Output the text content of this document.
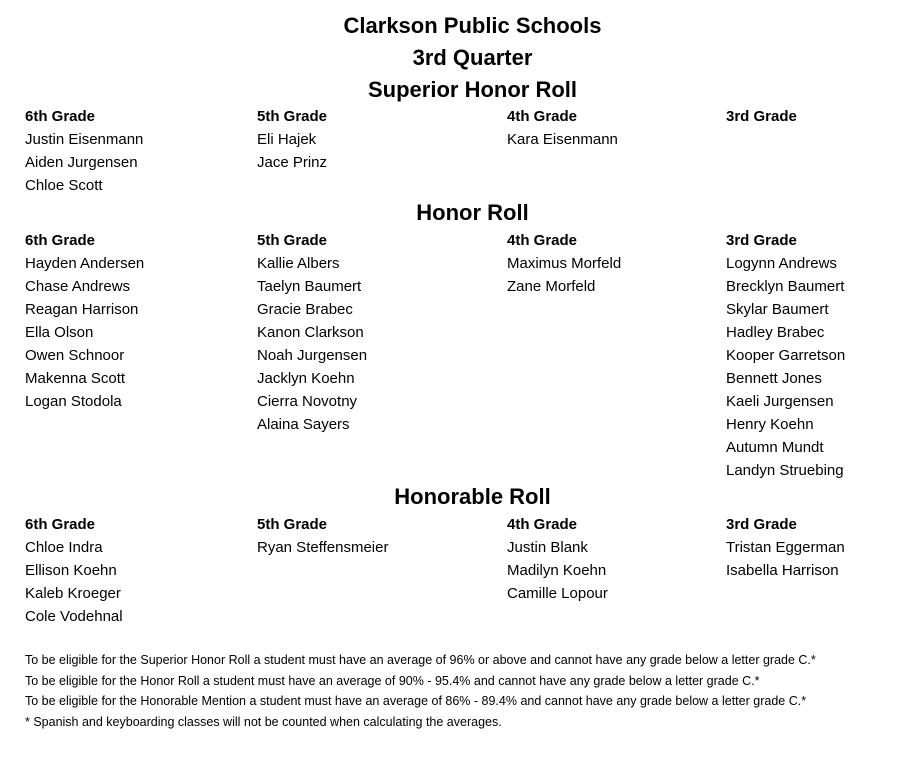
Clarkson Public Schools
3rd Quarter
Superior Honor Roll
6th Grade
Justin Eisenmann
Aiden Jurgensen
Chloe Scott
5th Grade
Eli Hajek
Jace Prinz
4th Grade
Kara Eisenmann
3rd Grade
Honor Roll
6th Grade
Hayden Andersen
Chase Andrews
Reagan Harrison
Ella Olson
Owen Schnoor
Makenna Scott
Logan Stodola
5th Grade
Kallie Albers
Taelyn Baumert
Gracie Brabec
Kanon Clarkson
Noah Jurgensen
Jacklyn Koehn
Cierra Novotny
Alaina Sayers
4th Grade
Maximus Morfeld
Zane Morfeld
3rd Grade
Logynn Andrews
Brecklyn Baumert
Skylar Baumert
Hadley Brabec
Kooper Garretson
Bennett Jones
Kaeli Jurgensen
Henry Koehn
Autumn Mundt
Landyn Struebing
Honorable Roll
6th Grade
Chloe Indra
Ellison Koehn
Kaleb Kroeger
Cole Vodehnal
5th Grade
Ryan Steffensmeier
4th Grade
Justin Blank
Madilyn Koehn
Camille Lopour
3rd Grade
Tristan Eggerman
Isabella Harrison
To be eligible for the Superior Honor Roll a student must have an average of 96% or above and cannot have any grade below a letter grade C.*
To be eligible for the Honor Roll a student must have an average of 90% - 95.4% and cannot have any grade below a letter grade C.*
To be eligible for the Honorable Mention a student must have an average of 86% - 89.4% and cannot have any grade below a letter grade C.*
* Spanish and keyboarding classes will not be counted when calculating the averages.
